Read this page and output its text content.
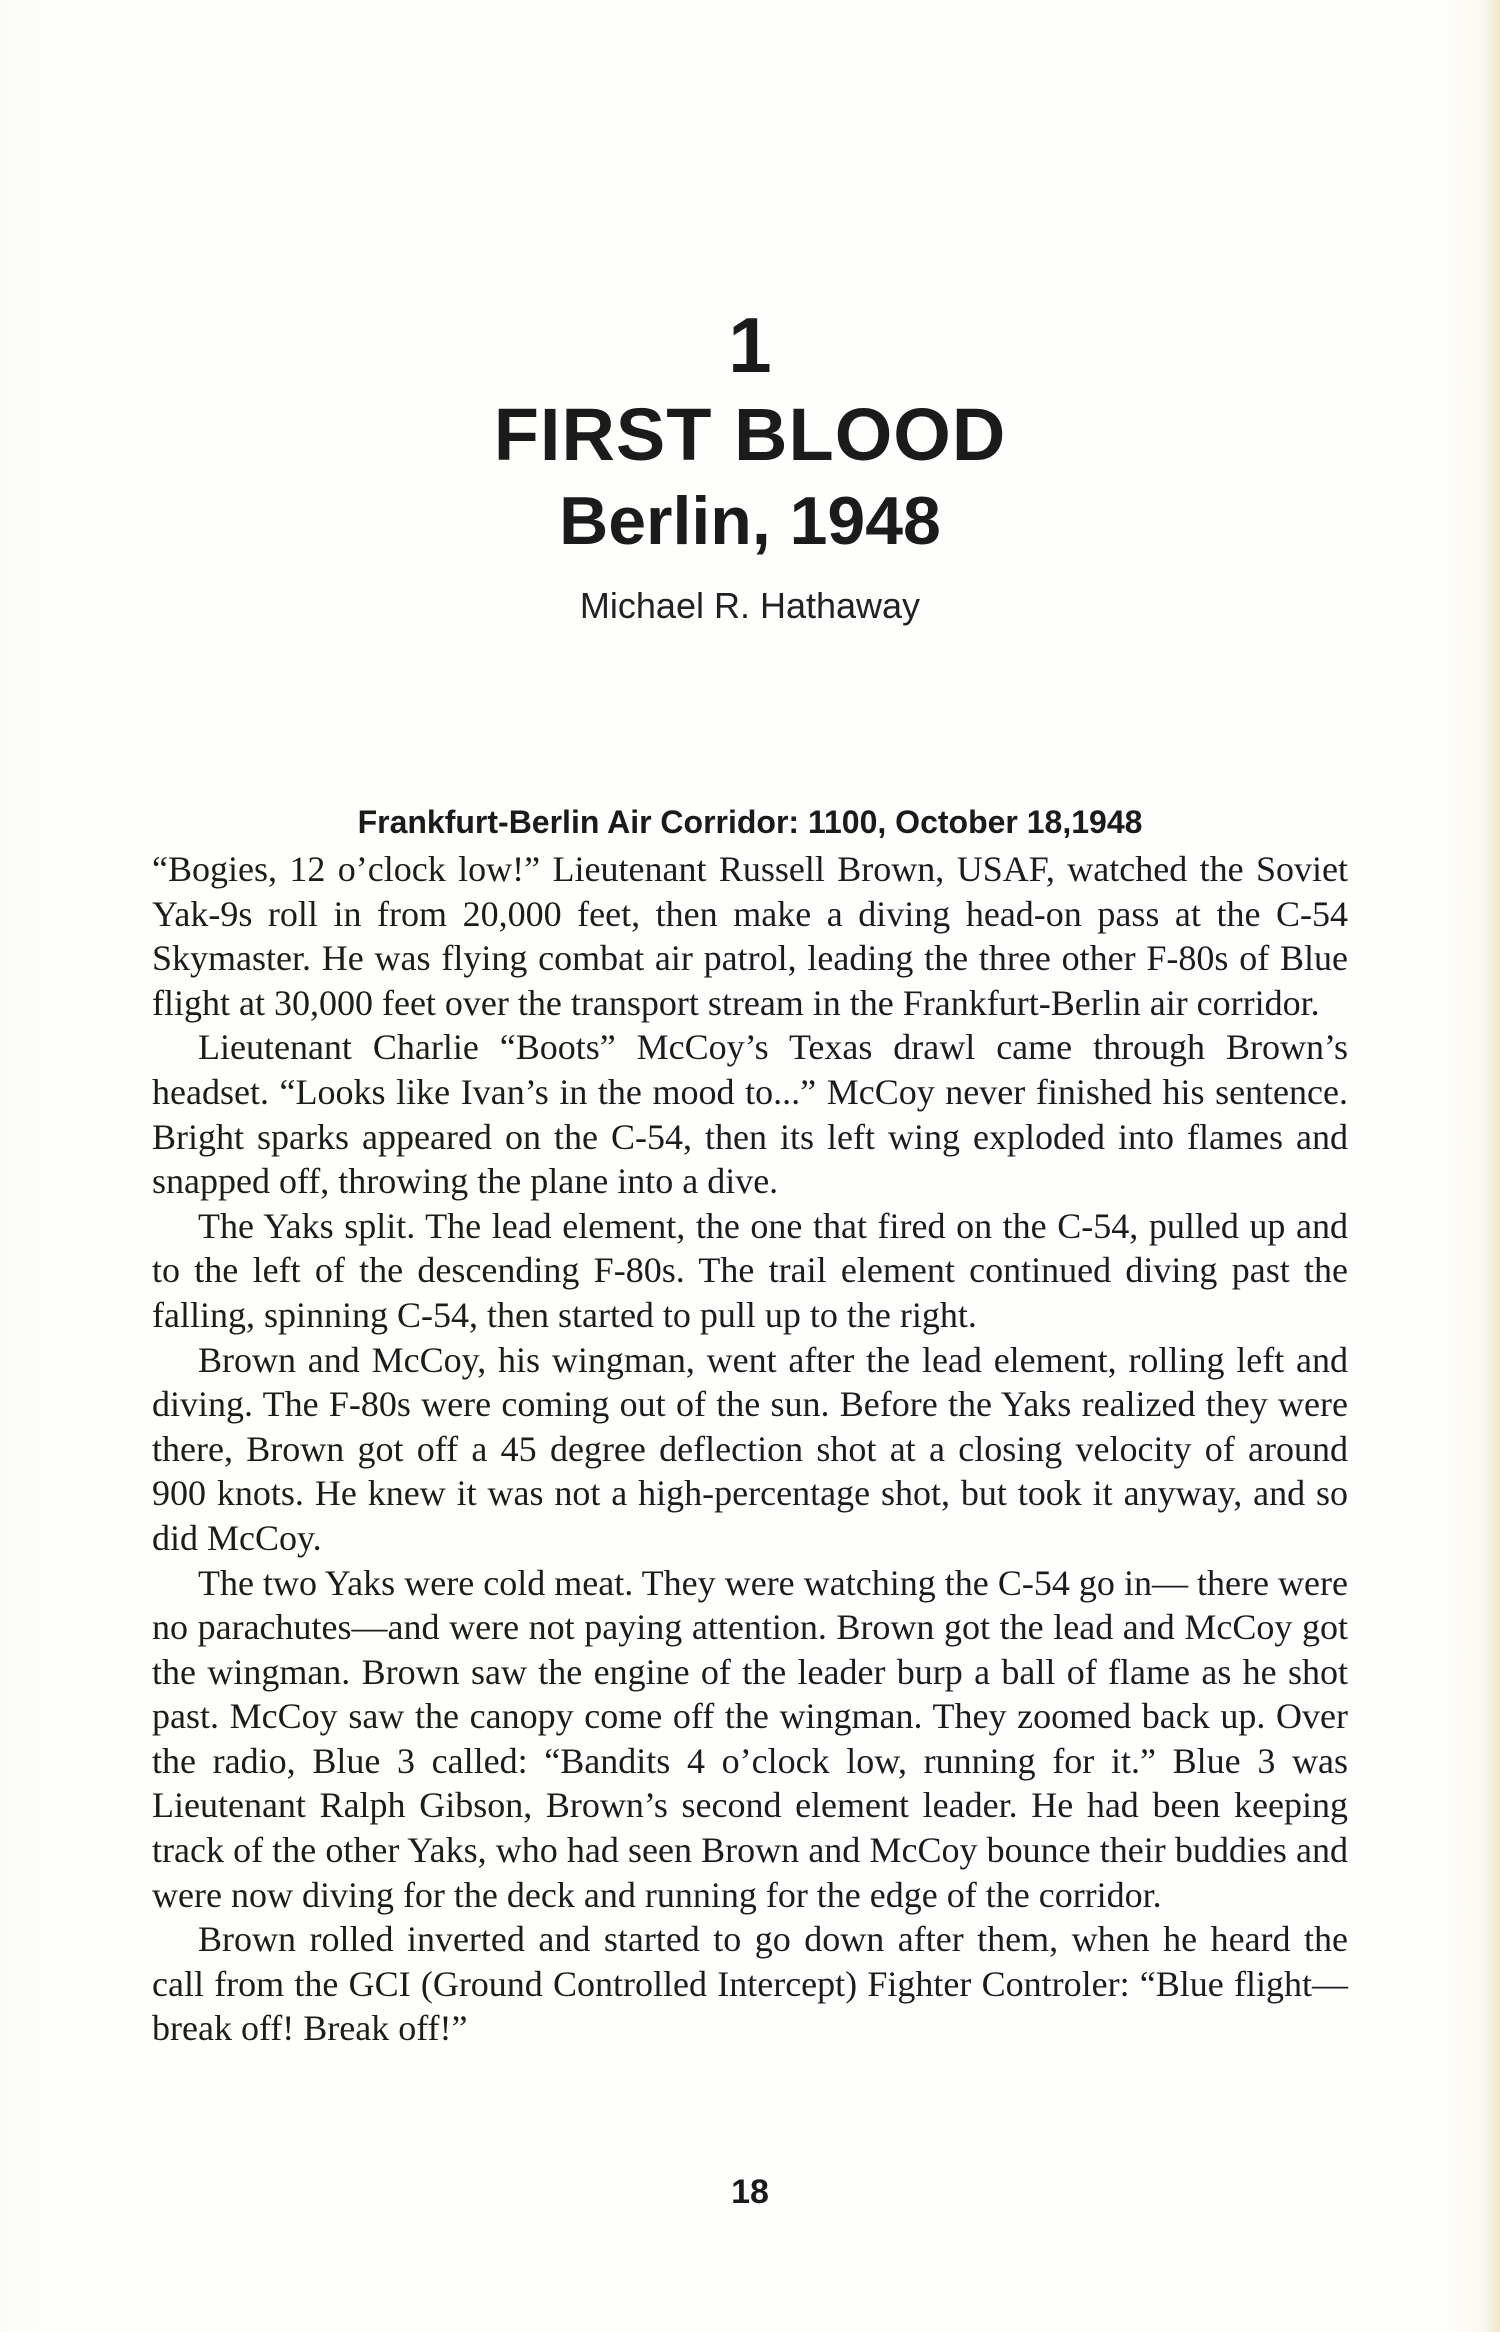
1
FIRST BLOOD
Berlin, 1948
Michael R. Hathaway
Frankfurt-Berlin Air Corridor: 1100, October 18,1948

“Bogies, 12 o’clock low!” Lieutenant Russell Brown, USAF, watched the Soviet Yak-9s roll in from 20,000 feet, then make a diving head-on pass at the C-54 Skymaster. He was flying combat air patrol, leading the three other F-80s of Blue flight at 30,000 feet over the transport stream in the Frankfurt-Berlin air corridor.

Lieutenant Charlie “Boots” McCoy’s Texas drawl came through Brown’s headset. “Looks like Ivan’s in the mood to...” McCoy never finished his sentence. Bright sparks appeared on the C-54, then its left wing exploded into flames and snapped off, throwing the plane into a dive.

The Yaks split. The lead element, the one that fired on the C-54, pulled up and to the left of the descending F-80s. The trail element continued diving past the falling, spinning C-54, then started to pull up to the right.

Brown and McCoy, his wingman, went after the lead element, rolling left and diving. The F-80s were coming out of the sun. Before the Yaks realized they were there, Brown got off a 45 degree deflection shot at a closing velocity of around 900 knots. He knew it was not a high-percentage shot, but took it anyway, and so did McCoy.

The two Yaks were cold meat. They were watching the C-54 go in— there were no parachutes—and were not paying attention. Brown got the lead and McCoy got the wingman. Brown saw the engine of the leader burp a ball of flame as he shot past. McCoy saw the canopy come off the wingman. They zoomed back up. Over the radio, Blue 3 called: “Bandits 4 o’clock low, running for it.” Blue 3 was Lieutenant Ralph Gibson, Brown’s second element leader. He had been keeping track of the other Yaks, who had seen Brown and McCoy bounce their buddies and were now diving for the deck and running for the edge of the corridor.

Brown rolled inverted and started to go down after them, when he heard the call from the GCI (Ground Controlled Intercept) Fighter Controler: “Blue flight—break off! Break off!”

18
